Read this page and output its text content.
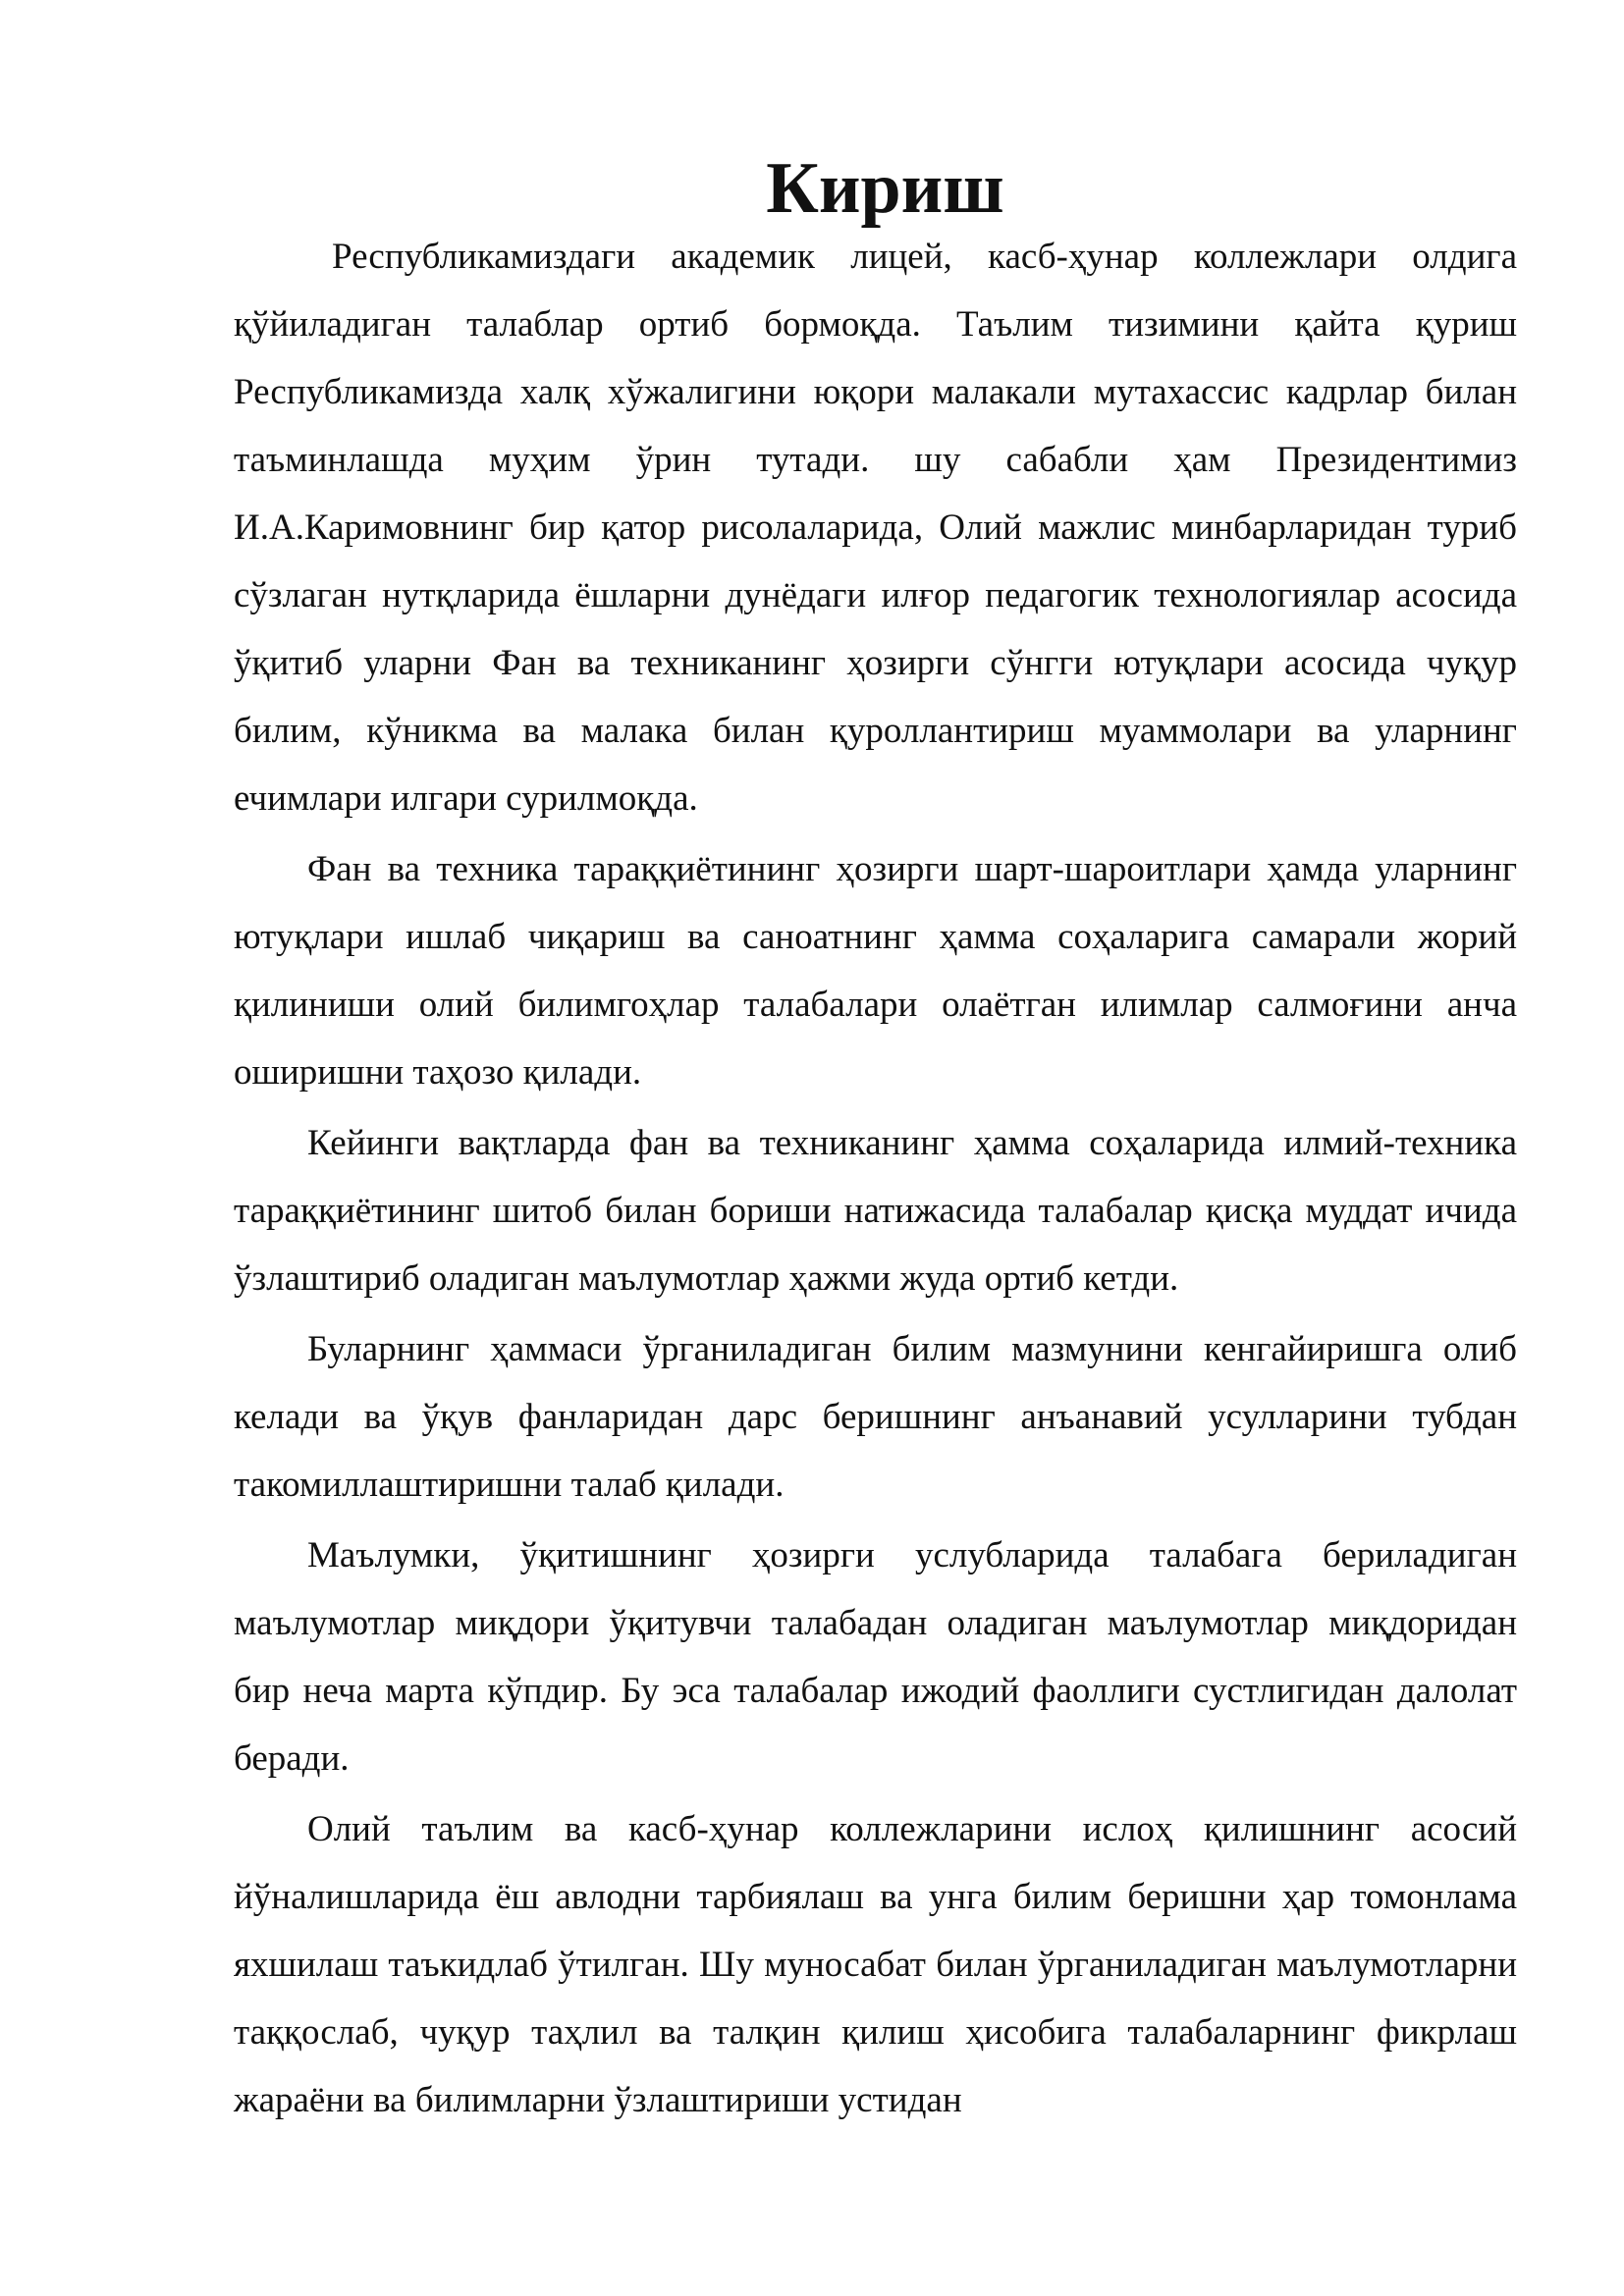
Кириш

Республикамиздаги академик лицей, касб-ҳунар коллежлари олдига қўйиладиган талаблар ортиб бормоқда. Таълим тизимини қайта қуриш Республикамизда халқ хўжалигини юқори малакали мутахассис кадрлар билан таъминлашда муҳим ўрин тутади. шу сабабли ҳам Президентимиз И.А.Каримовнинг бир қатор рисолаларида, Олий мажлис минбарларидан туриб сўзлаган нутқларида ёшларни дунёдаги илғор педагогик технологиялар асосида ўқитиб уларни Фан ва техниканинг ҳозирги сўнгги ютуқлари асосида чуқур билим, кўникма ва малака билан қуроллантириш муаммолари ва уларнинг ечимлари илгари сурилмоқда.

Фан ва техника тараққиётининг ҳозирги шарт-шароитлари ҳамда уларнинг ютуқлари ишлаб чиқариш ва саноатнинг ҳамма соҳаларига самарали жорий қилиниши олий билимгоҳлар талабалари олаётган илимлар салмоғини анча оширишни таҳозо қилади.

Кейинги вақтларда фан ва техниканинг ҳамма соҳаларида илмий-техника тараққиётининг шитоб билан бориши натижасида талабалар қисқа муддат ичида ўзлаштириб оладиган маълумотлар ҳажми жуда ортиб кетди.

Буларнинг ҳаммаси ўрганиладиган билим мазмунини кенгайиришга олиб келади ва ўқув фанларидан дарс беришнинг анъанавий усулларини тубдан такомиллаштиришни талаб қилади.

Маълумки, ўқитишнинг ҳозирги услубларида талабага бериладиган маълумотлар миқдори ўқитувчи талабадан оладиган маълумотлар миқдоридан бир неча марта кўпдир. Бу эса талабалар ижодий фаоллиги сустлигидан далолат беради.

Олий таълим ва касб-ҳунар коллежларини ислоҳ қилишнинг асосий йўналишларида ёш авлодни тарбиялаш ва унга билим беришни ҳар томонлама яхшилаш таъкидлаб ўтилган. Шу муносабат билан ўрганиладиган маълумотларни таққослаб, чуқур таҳлил ва талқин қилиш ҳисобига талабаларнинг фикрлаш жараёни ва билимларни ўзлаштириши устидан
